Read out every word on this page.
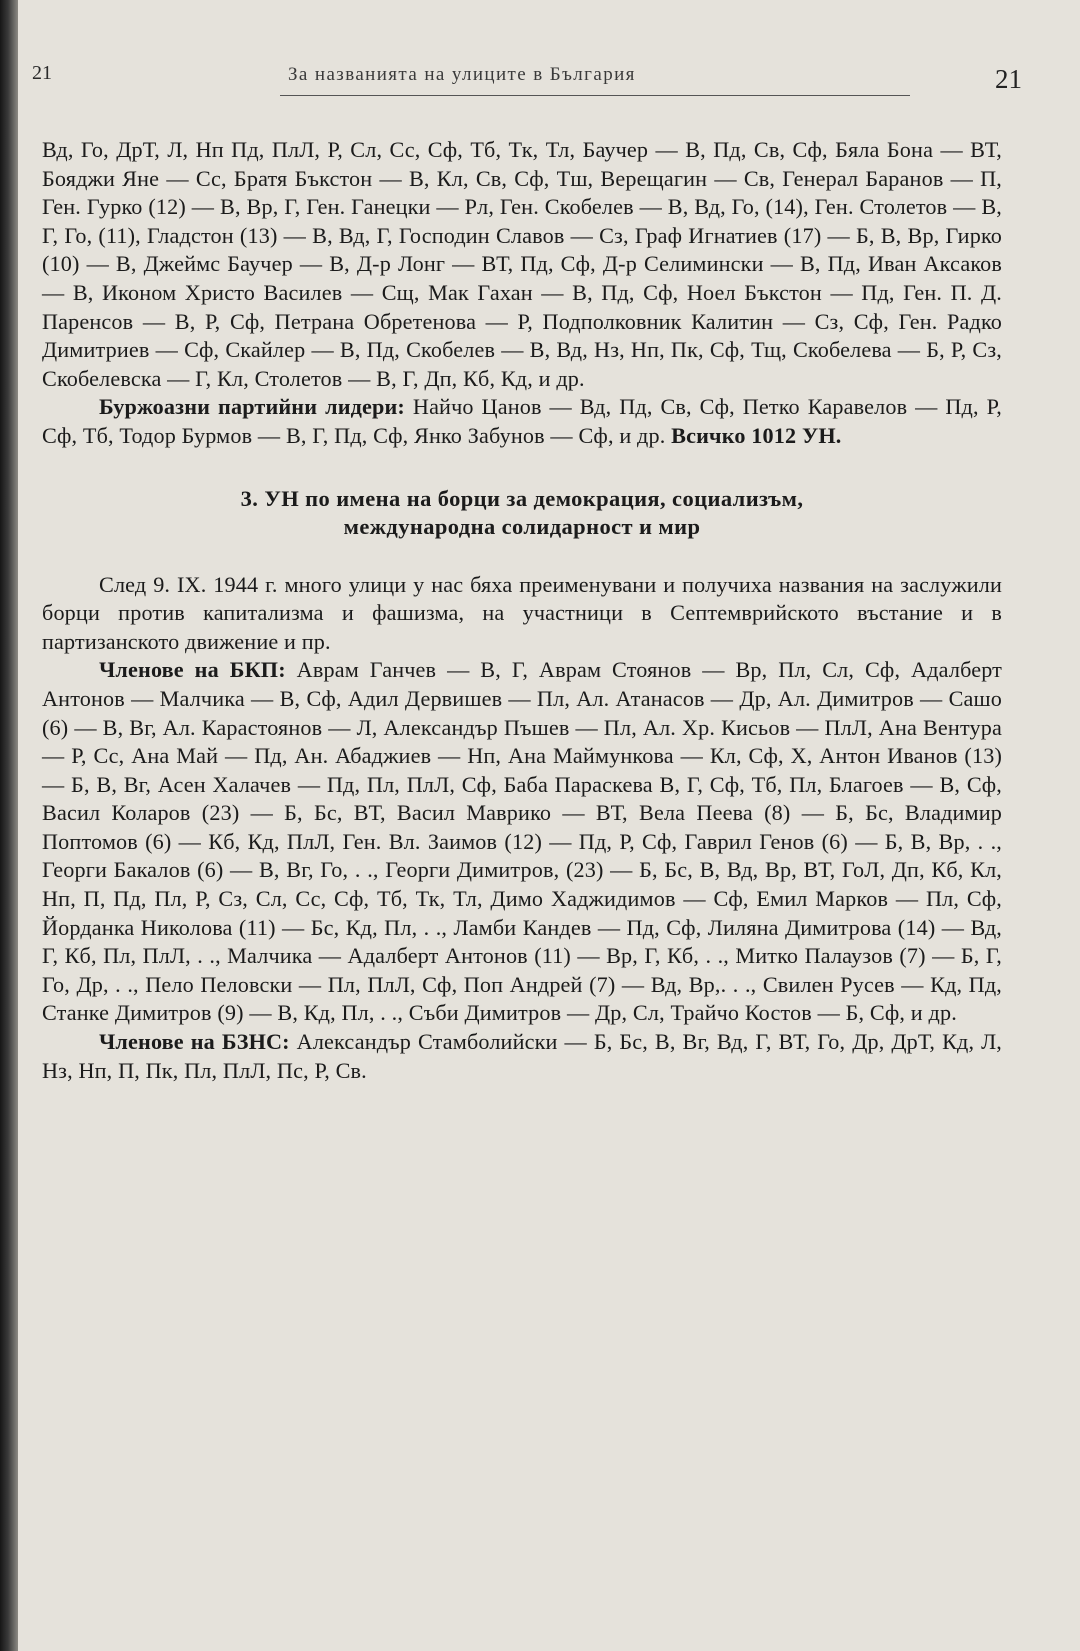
21	За названията на улиците в България	21

Вд, Го, ДрТ, Л, Нп Пд, ПлЛ, Р, Сл, Сс, Сф, Тб, Тк, Тл, Баучер — В, Пд, Св, Сф, Бяла Бона — ВТ, Бояджи Яне — Сс, Братя Бъкстон — В, Кл, Св, Сф, Тш, Верещагин — Св, Генерал Баранов — П, Ген. Гурко (12) — В, Вр, Г, Ген. Ганецки — Рл, Ген. Скобелев — В, Вд, Го, (14), Ген. Столетов — В, Г, Го, (11), Гладстон (13) — В, Вд, Г, Господин Славов — Сз, Граф Игнатиев (17) — Б, В, Вр, Гирко (10) — В, Джеймс Баучер — В, Д-р Лонг — ВТ, Пд, Сф, Д-р Селимински — В, Пд, Иван Аксаков — В, Иконом Христо Василев — Сщ, Мак Гахан — В, Пд, Сф, Ноел Бъкстон — Пд, Ген. П. Д. Паренсов — В, Р, Сф, Петрана Обретенова — Р, Подполковник Калитин — Сз, Сф, Ген. Радко Димитриев — Сф, Скайлер — В, Пд, Скобелев — В, Вд, Нз, Нп, Пк, Сф, Тщ, Скобелева — Б, Р, Сз, Скобелевска — Г, Кл, Столетов — В, Г, Дп, Кб, Кд, и др.

Буржоазни партийни лидери: Найчо Цанов — Вд, Пд, Св, Сф, Петко Каравелов — Пд, Р, Сф, Тб, Тодор Бурмов — В, Г, Пд, Сф, Янко Забунов — Сф, и др. Всичко 1012 УН.

3. УН по имена на борци за демокрация, социализъм,
международна солидарност и мир

След 9. IX. 1944 г. много улици у нас бяха преименувани и получиха названия на заслужили борци против капитализма и фашизма, на участници в Септемврийското въстание и в партизанското движение и пр.

Членове на БКП: Аврам Ганчев — В, Г, Аврам Стоянов — Вр, Пл, Сл, Сф, Адалберт Антонов — Малчика — В, Сф, Адил Дервишев — Пл, Ал. Атанасов — Др, Ал. Димитров — Сашо (6) — В, Вг, Ал. Карастоянов — Л, Александър Пъшев — Пл, Ал. Хр. Кисьов — ПлЛ, Ана Вентура — Р, Сс, Ана Май — Пд, Ан. Абаджиев — Нп, Ана Маймункова — Кл, Сф, Х, Антон Иванов (13) — Б, В, Вг, Асен Халачев — Пд, Пл, ПлЛ, Сф, Баба Параскева В, Г, Сф, Тб, Пл, Благоев — В, Сф, Васил Коларов (23) — Б, Бс, ВТ, Васил Маврико — ВТ, Вела Пеева (8) — Б, Бс, Владимир Поптомов (6) — Кб, Кд, ПлЛ, Ген. Вл. Заимов (12) — Пд, Р, Сф, Гаврил Генов (6) — Б, В, Вр, . ., Георги Бакалов (6) — В, Вг, Го, . ., Георги Димитров, (23) — Б, Бс, В, Вд, Вр, ВТ, ГоЛ, Дп, Кб, Кл, Нп, П, Пд, Пл, Р, Сз, Сл, Сс, Сф, Тб, Тк, Тл, Димо Хаджидимов — Сф, Емил Марков — Пл, Сф, Йорданка Николова (11) — Бс, Кд, Пл, . ., Ламби Кандев — Пд, Сф, Лиляна Димитрова (14) — Вд, Г, Кб, Пл, ПлЛ, . ., Малчика — Адалберт Антонов (11) — Вр, Г, Кб, . ., Митко Палаузов (7) — Б, Г, Го, Др, . ., Пело Пеловски — Пл, ПлЛ, Сф, Поп Андрей (7) — Вд, Вр,. . ., Свилен Русев — Кд, Пд, Станке Димитров (9) — В, Кд, Пл, . ., Съби Димитров — Др, Сл, Трайчо Костов — Б, Сф, и др.

Членове на БЗНС: Александър Стамболийски — Б, Бс, В, Вг, Вд, Г, ВТ, Го, Др, ДрТ, Кд, Л, Нз, Нп, П, Пк, Пл, ПлЛ, Пс, Р, Св.
